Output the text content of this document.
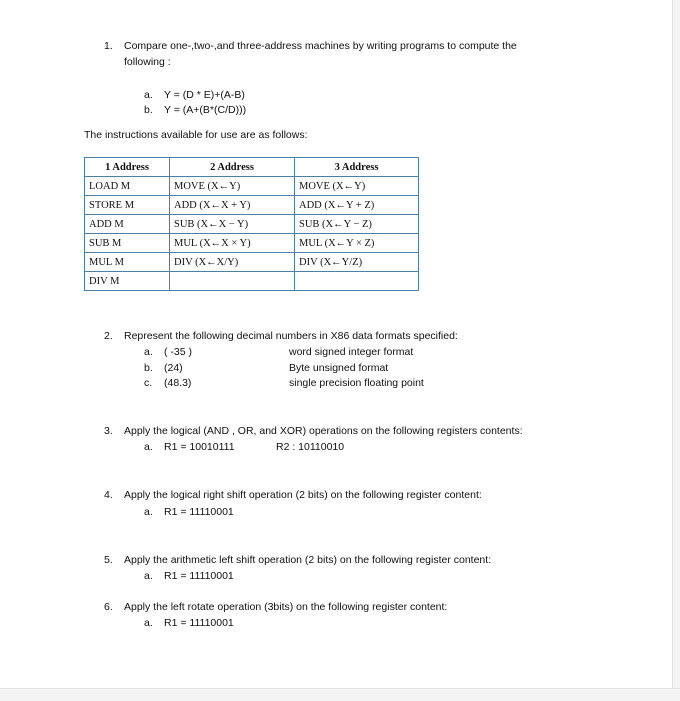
1. Compare one-,two-,and three-address machines by writing programs to compute the
following :
a. Y = (D * E)+(A-B)
b. Y = (A+(B*(C/D)))
The instructions available for use are as follows:
1 Address	2 Address	3 Address
LOAD M	MOVE (X←Y)	MOVE (X←Y)
STORE M	ADD (X←X + Y)	ADD (X←Y + Z)
ADD M	SUB (X←X − Y)	SUB (X←Y − Z)
SUB M	MUL (X←X × Y)	MUL (X←Y × Z)
MUL M	DIV (X←X/Y)	DIV (X←Y/Z)
DIV M		
2. Represent the following decimal numbers in X86 data formats specified:
a. ( -35 )	word signed integer format
b. (24)	Byte unsigned format
c. (48.3)	single precision floating point
3. Apply the logical (AND , OR, and XOR) operations on the following registers contents:
a. R1 = 10010111	R2 : 10110010
4. Apply the logical right shift operation (2 bits) on the following register content:
a. R1 = 11110001
5. Apply the arithmetic left shift operation (2 bits) on the following register content:
a. R1 = 11110001
6. Apply the left rotate operation (3bits) on the following register content:
a. R1 = 11110001
